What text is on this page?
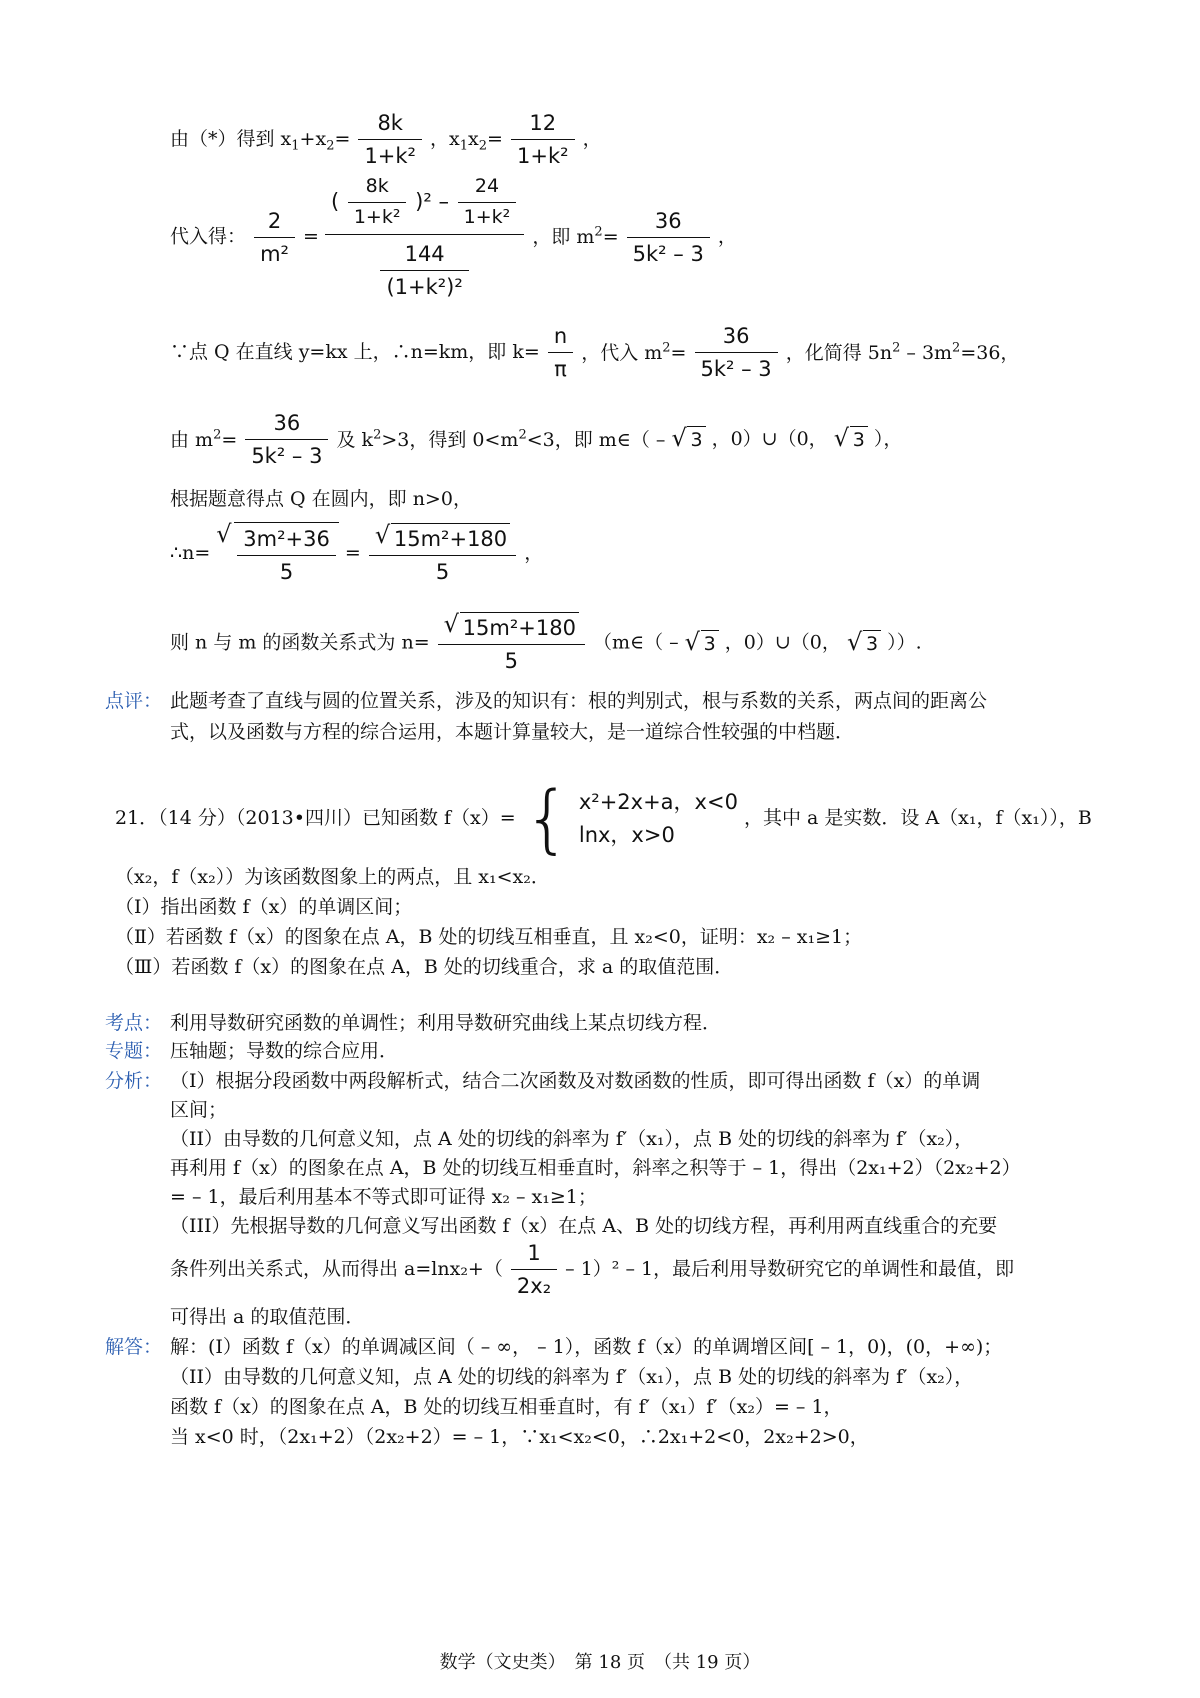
由（*）得到 $x_1+x_2= \frac{8k}{\text{1+k²}}$ ，$x_1x_2= \frac{12}{\text{1+k²}}$ ，
代入得： $\frac{2}{\text{m²}} = \frac{( \frac{8k}{\text{1+k²}} )^2 - \frac{24}{\text{1+k²}}}{\frac{144}{\text{(1+k²)²}}}$ ，即 $m^2= \frac{36}{\text{5k² – 3}}$ ，
∵点 Q 在直线 y=kx 上，∴n=km，即 $k= \frac{n}{\pi}$ ，代入 $m^2= \frac{36}{\text{5k² – 3}}$ ，化简得 $5n^2 - 3m^2=36$，
由 $m^2= \frac{36}{\text{5k² – 3}}$ 及 $k^2>3$，得到 $0<m^2<3$，即 m∈（ – √ 3 ，0）∪（0， √ 3 ），
根据题意得点 Q 在圆内，即 n>0，
∴n= √ $\frac{\text{3m²+36}}{5}$ = √ $\frac{\text{15m²+180}}{5}$ ，
则 n 与 m 的函数关系式为 n= √ $\frac{\text{15m²+180}}{5}$ （m∈（ – √ 3 ，0）∪（0， √ 3 ））.
点评： 此题考查了直线与圆的位置关系，涉及的知识有：根的判别式，根与系数的关系，两点间的距离公
式，以及函数与方程的综合运用，本题计算量较大，是一道综合性较强的中档题．
21．（14 分）（2013•四川）已知函数 f（x）= { x²+2x+a，x<0
lnx，x>0
，其中 a 是实数．设 A（x₁，f（x₁）），B
（x₂，f（x₂））为该函数图象上的两点，且 x₁<x₂．
（Ⅰ）指出函数 f（x）的单调区间；
（Ⅱ）若函数 f（x）的图象在点 A，B 处的切线互相垂直，且 x₂<0，证明：x₂ – x₁≥1；
（Ⅲ）若函数 f（x）的图象在点 A，B 处的切线重合，求 a 的取值范围．
考点： 利用导数研究函数的单调性；利用导数研究曲线上某点切线方程．
专题： 压轴题；导数的综合应用．
分析： （I）根据分段函数中两段解析式，结合二次函数及对数函数的性质，即可得出函数 f（x）的单调
区间；
（II）由导数的几何意义知，点 A 处的切线的斜率为 f′（x₁），点 B 处的切线的斜率为 f′（x₂），
再利用 f（x）的图象在点 A，B 处的切线互相垂直时，斜率之积等于 – 1，得出（2x₁+2）（2x₂+2）
= – 1，最后利用基本不等式即可证得 x₂ – x₁≥1；
（III）先根据导数的几何意义写出函数 f（x）在点 A、B 处的切线方程，再利用两直线重合的充要
条件列出关系式，从而得出 $a=\ln x_2+( \frac{1}{\text{2x₂}} - 1)^2 - 1$，最后利用导数研究它的单调性和最值，即
可得出 a 的取值范围．
解答： 解：(I）函数 f（x）的单调减区间（ – ∞， – 1），函数 f（x）的单调增区间[ – 1，0)，(0，+∞)；
（II）由导数的几何意义知，点 A 处的切线的斜率为 f′（x₁），点 B 处的切线的斜率为 f′（x₂），
函数 f（x）的图象在点 A，B 处的切线互相垂直时，有 f′（x₁）f′（x₂）= – 1，
当 x<0 时，（2x₁+2）（2x₂+2）= – 1，∵x₁<x₂<0，∴2x₁+2<0，2x₂+2>0，
数学（文史类）　第 18 页　（共 19 页）
